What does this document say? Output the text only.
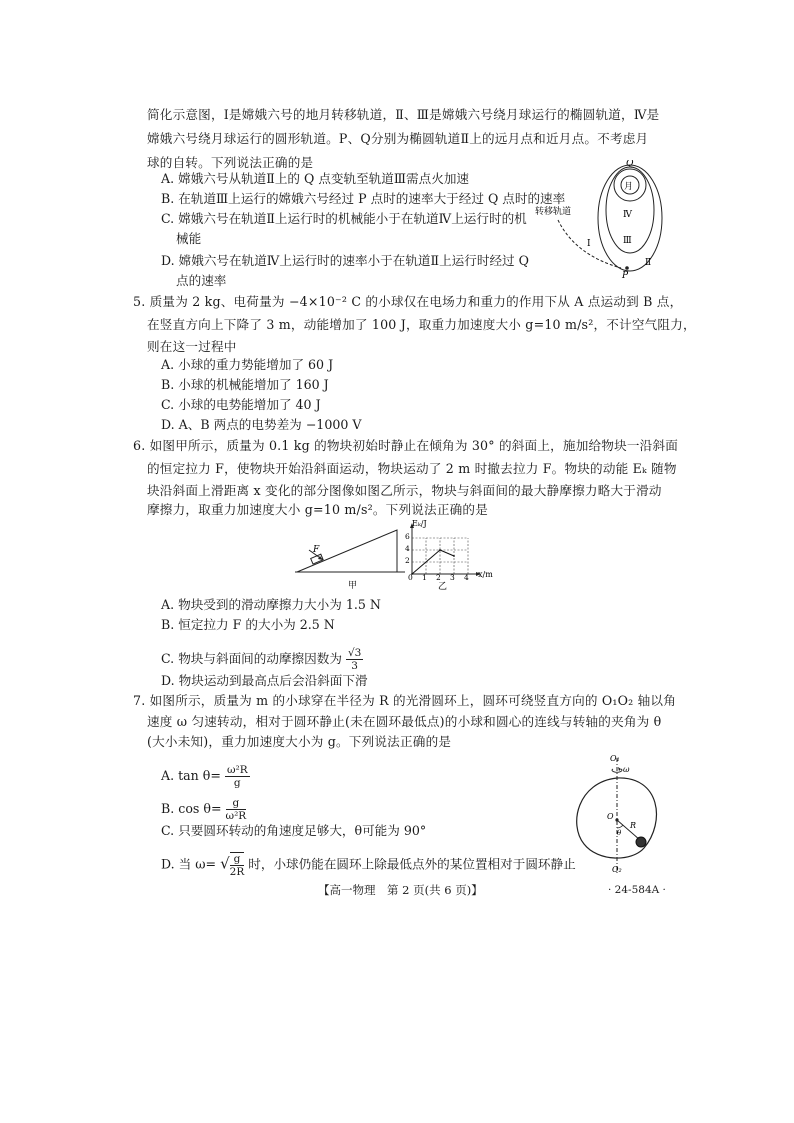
简化示意图，Ⅰ是嫦娥六号的地月转移轨道，Ⅱ、Ⅲ是嫦娥六号绕月球运行的椭圆轨道，Ⅳ是
嫦娥六号绕月球运行的圆形轨道。P、Q分别为椭圆轨道Ⅱ上的远月点和近月点。不考虑月
球的自转。下列说法正确的是
A. 嫦娥六号从轨道Ⅱ上的 Q 点变轨至轨道Ⅲ需点火加速
B. 在轨道Ⅲ上运行的嫦娥六号经过 P 点时的速率大于经过 Q 点时的速率
C. 嫦娥六号在轨道Ⅱ上运行时的机械能小于在轨道Ⅳ上运行时的机
械能
D. 嫦娥六号在轨道Ⅳ上运行时的速率小于在轨道Ⅱ上运行时经过 Q
点的速率
Q
月
Ⅳ
Ⅲ
Ⅱ
Ⅰ
P
转移轨道
5. 质量为 2 kg、电荷量为 −4×10⁻² C 的小球仅在电场力和重力的作用下从 A 点运动到 B 点，
在竖直方向上下降了 3 m，动能增加了 100 J，取重力加速度大小 g=10 m/s²，不计空气阻力，
则在这一过程中
A. 小球的重力势能增加了 60 J
B. 小球的机械能增加了 160 J
C. 小球的电势能增加了 40 J
D. A、B 两点的电势差为 −1000 V
6. 如图甲所示，质量为 0.1 kg 的物块初始时静止在倾角为 30° 的斜面上，施加给物块一沿斜面
的恒定拉力 F，使物块开始沿斜面运动，物块运动了 2 m 时撤去拉力 F。物块的动能 Eₖ 随物
块沿斜面上滑距离 x 变化的部分图像如图乙所示，物块与斜面间的最大静摩擦力略大于滑动
摩擦力，取重力加速度大小 g=10 m/s²。下列说法正确的是
F
甲
Eₖ/J
x/m
6
4
2
0 1 2 3 4
乙
A. 物块受到的滑动摩擦力大小为 1.5 N
B. 恒定拉力 F 的大小为 2.5 N
C. 物块与斜面间的动摩擦因数为 $\frac{√3}{3}$
D. 物块运动到最高点后会沿斜面下滑
7. 如图所示，质量为 m 的小球穿在半径为 R 的光滑圆环上，圆环可绕竖直方向的 O₁O₂ 轴以角
速度 ω 匀速转动，相对于圆环静止(未在圆环最低点)的小球和圆心的连线与转轴的夹角为 θ
(大小未知)，重力加速度大小为 g。下列说法正确的是
A. $\tan \theta= \frac{\text{ω²R}}{g}$
B. $\cos \theta= \frac{g}{\text{ω²R}}$
C. 只要圆环转动的角速度足够大，θ可能为 90°
D. 当 ω= √ $\frac{g}{2R}$ 时，小球仍能在圆环上除最低点外的某位置相对于圆环静止
O₁
ω
O
R
θ
O₂
【高一物理　第 2 页(共 6 页)】	· 24-584A ·
